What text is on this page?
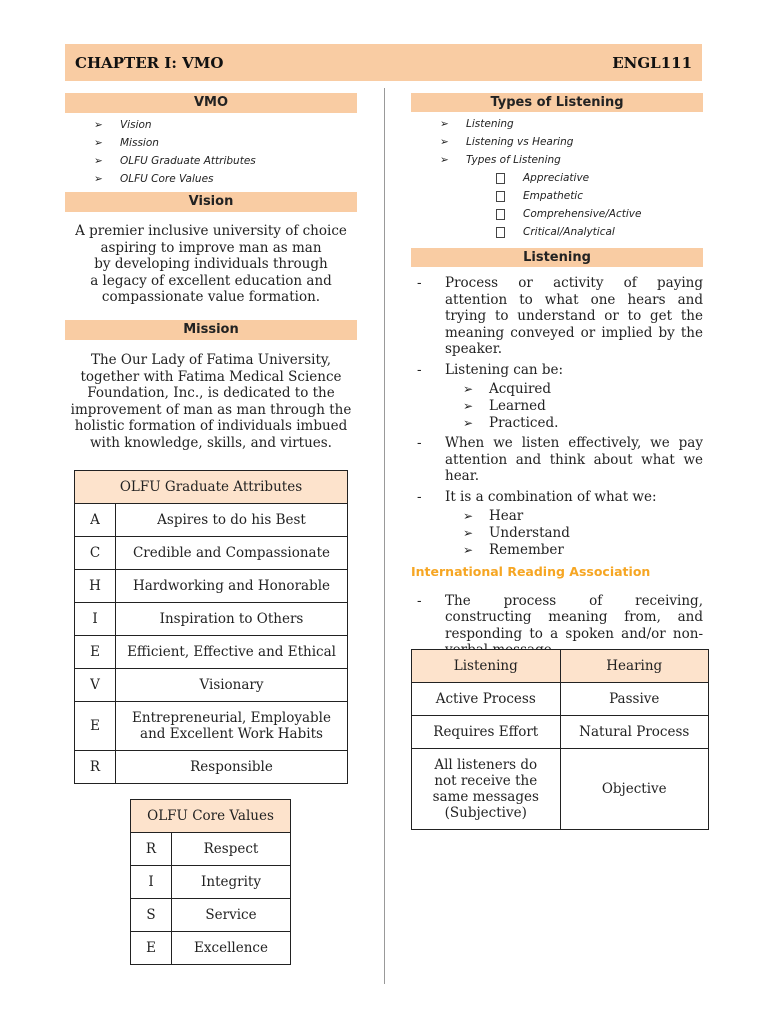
CHAPTER I: VMO	ENGL111
VMO
➢ Vision
➢ Mission
➢ OLFU Graduate Attributes
➢ OLFU Core Values
Vision
A premier inclusive university of choice
aspiring to improve man as man
by developing individuals through
a legacy of excellent education and
compassionate value formation.
Mission
The Our Lady of Fatima University,
together with Fatima Medical Science
Foundation, Inc., is dedicated to the
improvement of man as man through the
holistic formation of individuals imbued
with knowledge, skills, and virtues.
OLFU Graduate Attributes	
A	Aspires to do his Best
C	Credible and Compassionate
H	Hardworking and Honorable
I	Inspiration to Others
E	Efficient, Effective and Ethical
V	Visionary
E	Entrepreneurial, Employable and Excellent Work Habits
R	Responsible
OLFU Core Values	
R	Respect
I	Integrity
S	Service
E	Excellence
Types of Listening
➢ Listening
➢ Listening vs Hearing
➢ Types of Listening
Appreciative
Empathetic
Comprehensive/Active
Critical/Analytical
Listening
- Process or activity of paying attention to what one hears and trying to understand or to get the meaning conveyed or implied by the speaker.
- Listening can be:
➢ Acquired
➢ Learned
➢ Practiced.
- When we listen effectively, we pay attention and think about what we hear.
- It is a combination of what we:
➢ Hear
➢ Understand
➢ Remember
International Reading Association
- The process of receiving, constructing meaning from, and responding to a spoken and/or non-
Listening	Hearing
Active Process	Passive
Requires Effort	Natural Process
All listeners do not receive the same messages (Subjective)	Objective
